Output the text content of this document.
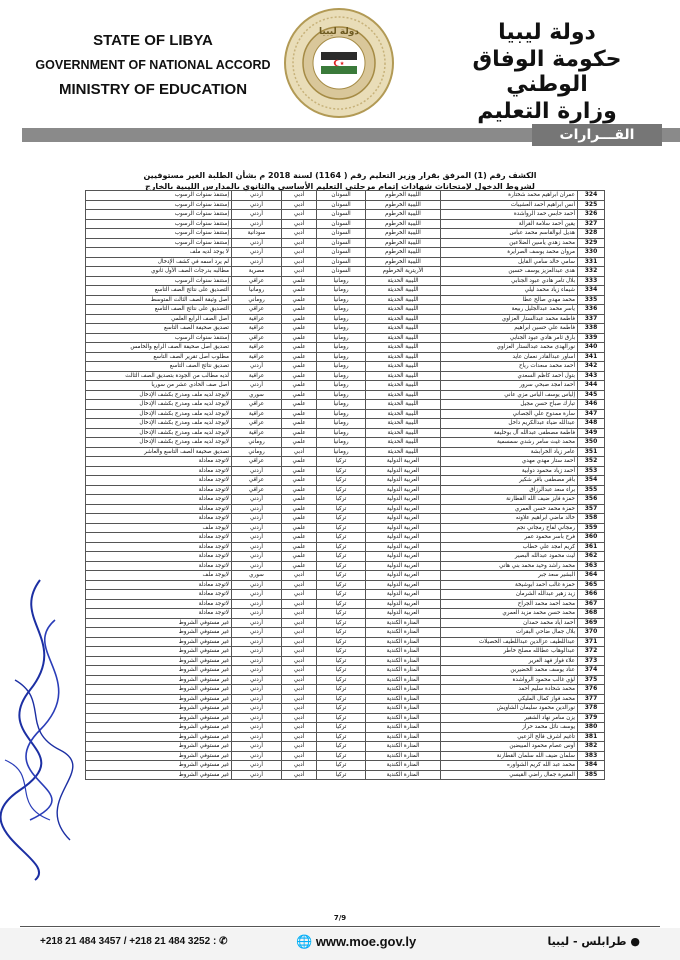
STATE OF LIBYA
GOVERNMENT OF NATIONAL ACCORD
MINISTRY OF EDUCATION
دولة ليبيا	دولة ليبيا
حكومة الوفاق الوطني
وزارة التعليم
القـــرارات
الكشف رقم (1) المرفق بقرار وزير التعليم رقم ( 1164) لسنة 2018 م بشأن الطلبة الغير مستوفيين
لشروط الدخول لإمتحانات شهادات إتمام مرحلتي التعليم الأساسي والثانوي بالمدارس الليبية بالخارج
324	عمران ابراهيم محمد شختارة	الليبية الخرطوم	السودان	أدبي	أردني	إستنفذ سنوات الرسوب
325	أنس ابراهيم أحمد العشيبات	الليبية الخرطوم	السودان	أدبي	أردني	إستنفذ سنوات الرسوب
326	أحمد حابس حمد الرواشدة	الليبية الخرطوم	السودان	أدبي	أردني	إستنفذ سنوات الرسوب
327	يقين أحمد سلامة القرالة	الليبية الخرطوم	السودان	أدبي	أردني	إستنفذ سنوات الرسوب
328	هديل ابوالقاسم محمد عباس	الليبية الخرطوم	السودان	أدبي	سودانية	إستنفذ سنوات الرسوب
329	محمد زهدي ياسين الضلاعين	الليبية الخرطوم	السودان	أدبي	أردني	إستنفذ سنوات الرسوب
330	مروان محمد يوسف الصرايرة	الليبية الخرطوم	السودان	أدبي	أردني	لا يوجد لديه ملف
331	سامي خالد سامي القايل	الليبية الخرطوم	السودان	أدبي	أردني	لم يرد اسمه في كشف الإدخال
332	هدى عبدالعزيز يوسف حسين	الأريترية الخرطوم	السودان	أدبي	مصرية	مطالبه بدرجات الصف الأول ثانوي
333	بلال تامر هادي عبود الجنابي	الليبية الحديثة	رومانيا	علمي	عراقي	إستنفذ سنوات الرسوب
334	شيماء زياد محمد ليلي	الليبية الحديثة	رومانيا	علمي	رومانيا	التصديق على نتائج الصف التاسع
335	محمد مهدي صالح عطا	الليبية الحديثة	رومانيا	علمي	روماني	أصل وثيقة الصف الثالث المتوسط
336	ياسر محمد عبدالجليل ربيعة	الليبية الحديثة	رومانيا	علمي	عراقي	التصديق على نتائج الصف التاسع
337	فاطمة محمد عبدالستار العزاوي	الليبية الحديثة	رومانيا	علمي	عراقية	أصل الصف الرابع العلمي
338	فاطمة علي حسين ابراهيم	الليبية الحديثة	رومانيا	علمي	عراقية	تصديق صحيفة الصف التاسع
339	بارق ثامر هادي عبود الجنابي	الليبية الحديثة	رومانيا	علمي	عراقي	إستنفذ سنوات الرسوب
340	نورالهدى محمد عبدالستار العزاوي	الليبية الحديثة	رومانيا	علمي	عراقية	تصديق أصل صحيفة الصف الرابع والخامس
341	اساور عبدالقادر نعمان عايد	الليبية الحديثة	رومانيا	علمي	عراقية	مطلوب أصل تقرير الصف التاسع
342	أحمد محمد سعدات رياح	الليبية الحديثة	رومانيا	علمي	أردني	تصديق نتائج الصف التاسع
343	بتول أحمد كاظم السعدي	الليبية الحديثة	رومانيا	علمي	عراقية	لديه مطالب من الجودة بتصديق الصف الثالث
344	أحمد امجد صبحي سرور	الليبية الحديثة	رومانيا	علمي	أردني	أصل صف الحادي عشر من سوريا
345	إلياس يوسف الياس مزي عاني	الليبية الحديثة	رومانيا	علمي	سوري	لايوجد لديه ملف ومدرج بكشف الإدخال
346	تبارك صباح حسن مجيل	الليبية الحديثة	رومانيا	علمي	عراقي	لايوجد لديه ملف ومدرج بكشف الإدخال
347	سارة ممدوح علي الجصاني	الليبية الحديثة	رومانيا	علمي	عراقية	لايوجد لديه ملف ومدرج بكشف الإدخال
348	عبدالله ضياء عبدالكريم داخل	الليبية الحديثة	رومانيا	علمي	عراقي	لايوجد لديه ملف ومدرج بكشف الإدخال
349	فاطمة مصطفى عبدالله آل بوخليفة	الليبية الحديثة	رومانيا	علمي	عراقية	لايوجد لديه ملف ومدرج بكشف الإدخال
350	محمد غيث سامر رشدي سمسمية	الليبية الحديثة	رومانيا	علمي	روماني	لايوجد لديه ملف ومدرج بكشف الإدخال
351	عامر زياد الخرابشة	الليبية الحديثة	رومانيا	أدبي	روماني	تصديق صحيفة الصف التاسع والعاشر
352	أحمد ستار مهدي مهدي	العربية الدولية	تركيا	علمي	عراقي	لاتوجد معادلة
353	أحمد زياد محمود دوابية	العربية الدولية	تركيا	علمي	أردني	لاتوجد معادلة
354	باقر مصطفى باقر شكير	العربية الدولية	تركيا	علمي	عراقي	لاتوجد معادلة
355	براء سعد عبدالرزاق	العربية الدولية	تركيا	علمي	عراقي	لاتوجد معادلة
356	حمزة فايز ضيف الله القطارنة	العربية الدولية	تركيا	علمي	أردني	لاتوجد معادلة
357	حمزة محمد حسن العمري	العربية الدولية	تركيا	علمي	أردني	لاتوجد معادلة
358	خالد ماضي ابراهيم علاونه	العربية الدولية	تركيا	علمي	أردني	لاتوجد معادلة
359	رمجاني لفاح رمجاني نجم	العربية الدولية	تركيا	علمي	أردني	لايوجد ملف
360	فرح باسر محمود عمر	العربية الدولية	تركيا	علمي	أردني	لاتوجد معادلة
361	كريم امجد علي خطاب	العربية الدولية	تركيا	علمي	أردني	لاتوجد معادلة
362	ليث محمود عبدالله البصير	العربية الدولية	تركيا	علمي	أردني	لاتوجد معادلة
363	محمد راشد وحيد محمد بني هاني	العربية الدولية	تركيا	علمي	أردني	لاتوجد معادلة
364	البشير سعد جبر	العربية الدولية	تركيا	أدبي	سوري	لايوجد ملف
365	حمزة غالب أحمد ابوشيخة	العربية الدولية	تركيا	أدبي	أردني	لاتوجد معادلة
366	زيد زهير عبدالله الشرمان	العربية الدولية	تركيا	أدبي	أردني	لاتوجد معادلة
367	محمد أحمد محمد الجراح	العربية الدولية	تركيا	أدبي	أردني	لاتوجد معادلة
368	محمد حسن محمد مزيد العمري	العربية الدولية	تركيا	أدبي	أردني	لاتوجد معادلة
369	أحمد اياد محمد حمدان	المنارة الكندية	تركيا	أدبي	أردني	غير مستوفي الشروط
370	بلال جمال ضاحي البقرات	المنارة الكندية	تركيا	أدبي	أردني	غير مستوفي الشروط
371	عبداللطيف عزالدين عبداللطيف الخصيلات	المنارة الكندية	تركيا	أدبي	أردني	غير مستوفي الشروط
372	عبدالوهاب عطالله مصلح خاطر	المنارة الكندية	تركيا	أدبي	أردني	غير مستوفي الشروط
373	علاء فواز فهد الغرير	المنارة الكندية	تركيا	أدبي	أردني	غير مستوفي الشروط
374	عناد يوسف محمد الخضيرين	المنارة الكندية	تركيا	أدبي	أردني	غير مستوفي الشروط
375	لؤي غالب محمود الرواشدة	المنارة الكندية	تركيا	أدبي	أردني	غير مستوفي الشروط
376	محمد شحادة سليم أحمد	المنارة الكندية	تركيا	أدبي	أردني	غير مستوفي الشروط
377	محمد فواز كمال المليكي	المنارة الكندية	تركيا	أدبي	أردني	غير مستوفي الشروط
378	نورالدين محمود سليمان الشاويش	المنارة الكندية	تركيا	أدبي	أردني	غير مستوفي الشروط
379	يزن سامر نهاد الشقير	المنارة الكندية	تركيا	أدبي	أردني	غير مستوفي الشروط
380	يوسف نائل محمد حراز	المنارة الكندية	تركيا	أدبي	أردني	غير مستوفي الشروط
381	تاغيم اشرف فالح الزعبي	المنارة الكندية	تركيا	أدبي	أردني	غير مستوفي الشروط
382	أوس عصام محمود المبيضين	المنارة الكندية	تركيا	أدبي	أردني	غير مستوفي الشروط
383	سلمان ضيف الله سلمان القطارنة	المنارة الكندية	تركيا	أدبي	أردني	غير مستوفي الشروط
384	محمد عبد الله كريم الشواوره	المنارة الكندية	تركيا	أدبي	أردني	غير مستوفي الشروط
385	المغيرة جمال راضي القيسي	المنارة الكندية	تركيا	أدبي	أردني	غير مستوفي الشروط
7/9
+218 21 484 3457 / +218 21 484 3252 : ✆	🌐 www.moe.gov.ly	● طرابلس - ليبيا
